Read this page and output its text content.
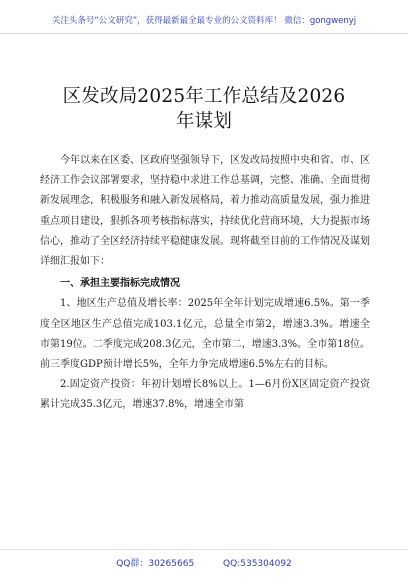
关注头条号“公文研究”，获得最新最全最专业的公文资料库！ 微信：gongwenyj
区发改局2025年工作总结及2026
年谋划

今年以来在区委、区政府坚强领导下，区发改局按照中央和省、市、区经济工作会议部署要求，坚持稳中求进工作总基调，完整、准确、全面贯彻新发展理念，积极服务和融入新发展格局，着力推动高质量发展，强力推进重点项目建设，狠抓各项考核指标落实，持续优化营商环境，大力提振市场信心，推动了全区经济持续平稳健康发展。现将截至目前的工作情况及谋划详细汇报如下：

一、承担主要指标完成情况

1、地区生产总值及增长率：2025年全年计划完成增速6.5%。第一季度全区地区生产总值完成103.1亿元，总量全市第2，增速3.3%。增速全市第19位。二季度完成208.3亿元，全市第二，增速3.3%。全市第18位。前三季度GDP预计增长5%，全年力争完成增速6.5%左右的目标。

2.固定资产投资：年初计划增长8%以上。1—6月份X区固定资产投资累计完成35.3亿元，增速37.8%，增速全市第

QQ群：30265665	QQ:535304092
